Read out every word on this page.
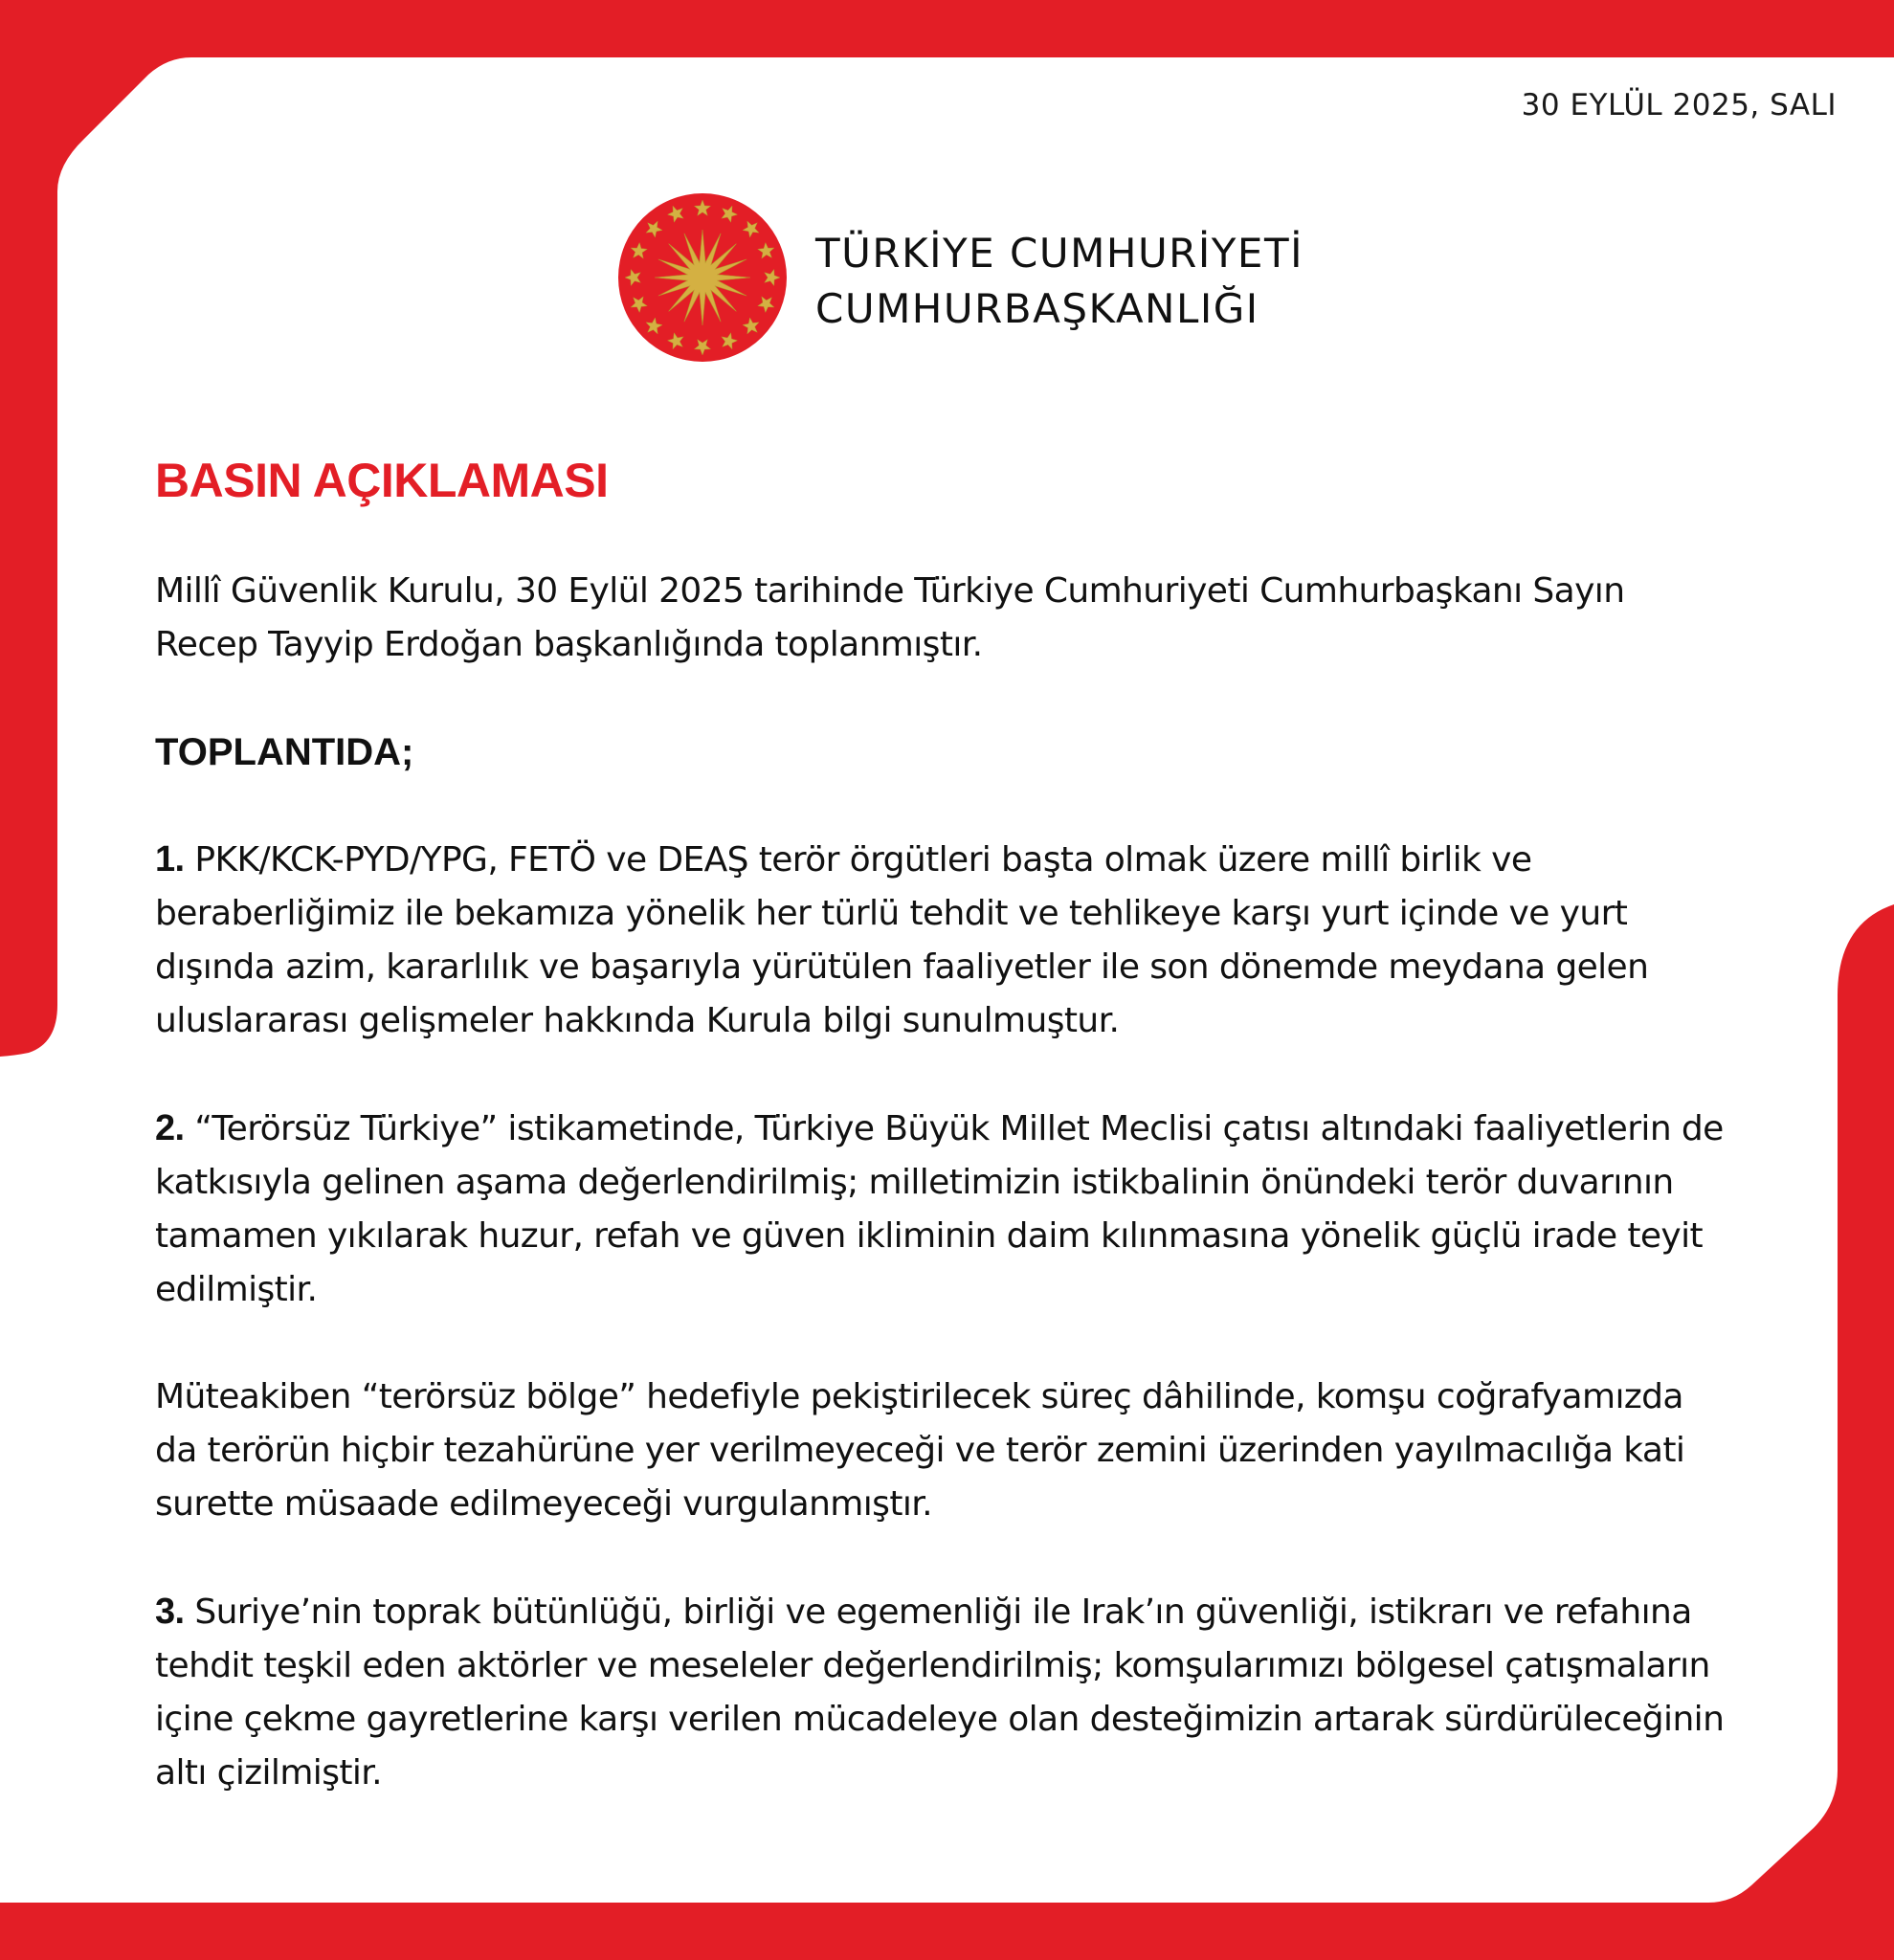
30 EYLÜL 2025, SALI
TÜRKİYE CUMHURİYETİ
CUMHURBAŞKANLIĞI
BASIN AÇIKLAMASI
Millî Güvenlik Kurulu, 30 Eylül 2025 tarihinde Türkiye Cumhuriyeti Cumhurbaşkanı Sayın Recep Tayyip Erdoğan başkanlığında toplanmıştır.
TOPLANTIDA;
1. PKK/KCK-PYD/YPG, FETÖ ve DEAŞ terör örgütleri başta olmak üzere millî birlik ve beraberliğimiz ile bekamıza yönelik her türlü tehdit ve tehlikeye karşı yurt içinde ve yurt dışında azim, kararlılık ve başarıyla yürütülen faaliyetler ile son dönemde meydana gelen uluslararası gelişmeler hakkında Kurula bilgi sunulmuştur.
2. “Terörsüz Türkiye” istikametinde, Türkiye Büyük Millet Meclisi çatısı altındaki faaliyetlerin de katkısıyla gelinen aşama değerlendirilmiş; milletimizin istikbalinin önündeki terör duvarının tamamen yıkılarak huzur, refah ve güven ikliminin daim kılınmasına yönelik güçlü irade teyit edilmiştir.
Müteakiben “terörsüz bölge” hedefiyle pekiştirilecek süreç dâhilinde, komşu coğrafyamızda da terörün hiçbir tezahürüne yer verilmeyeceği ve terör zemini üzerinden yayılmacılığa kati surette müsaade edilmeyeceği vurgulanmıştır.
3. Suriye’nin toprak bütünlüğü, birliği ve egemenliği ile Irak’ın güvenliği, istikrarı ve refahına tehdit teşkil eden aktörler ve meseleler değerlendirilmiş; komşularımızı bölgesel çatışmaların içine çekme gayretlerine karşı verilen mücadeleye olan desteğimizin artarak sürdürüleceğinin altı çizilmiştir.
